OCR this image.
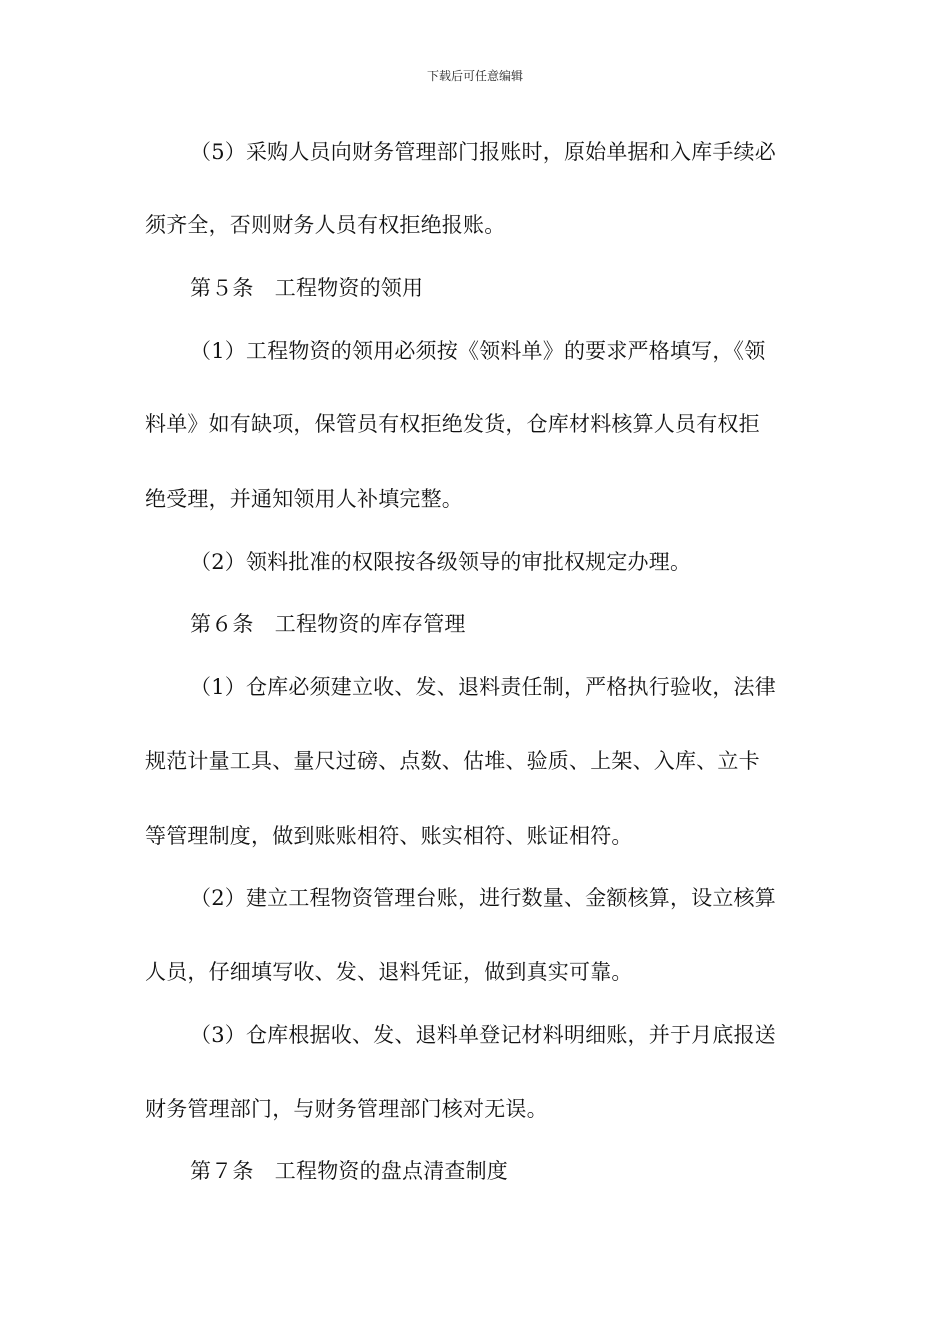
下载后可任意编辑
（5）采购人员向财务管理部门报账时，原始单据和入库手续必
须齐全，否则财务人员有权拒绝报账。
第５条　工程物资的领用
（1）工程物资的领用必须按《领料单》的要求严格填写，《领
料单》如有缺项，保管员有权拒绝发货，仓库材料核算人员有权拒
绝受理，并通知领用人补填完整。
（2）领料批准的权限按各级领导的审批权规定办理。
第６条　工程物资的库存管理
（1）仓库必须建立收、发、退料责任制，严格执行验收，法律
规范计量工具、量尺过磅、点数、估堆、验质、上架、入库、立卡
等管理制度，做到账账相符、账实相符、账证相符。
（2）建立工程物资管理台账，进行数量、金额核算，设立核算
人员，仔细填写收、发、退料凭证，做到真实可靠。
（3）仓库根据收、发、退料单登记材料明细账，并于月底报送
财务管理部门，与财务管理部门核对无误。
第７条　工程物资的盘点清查制度
